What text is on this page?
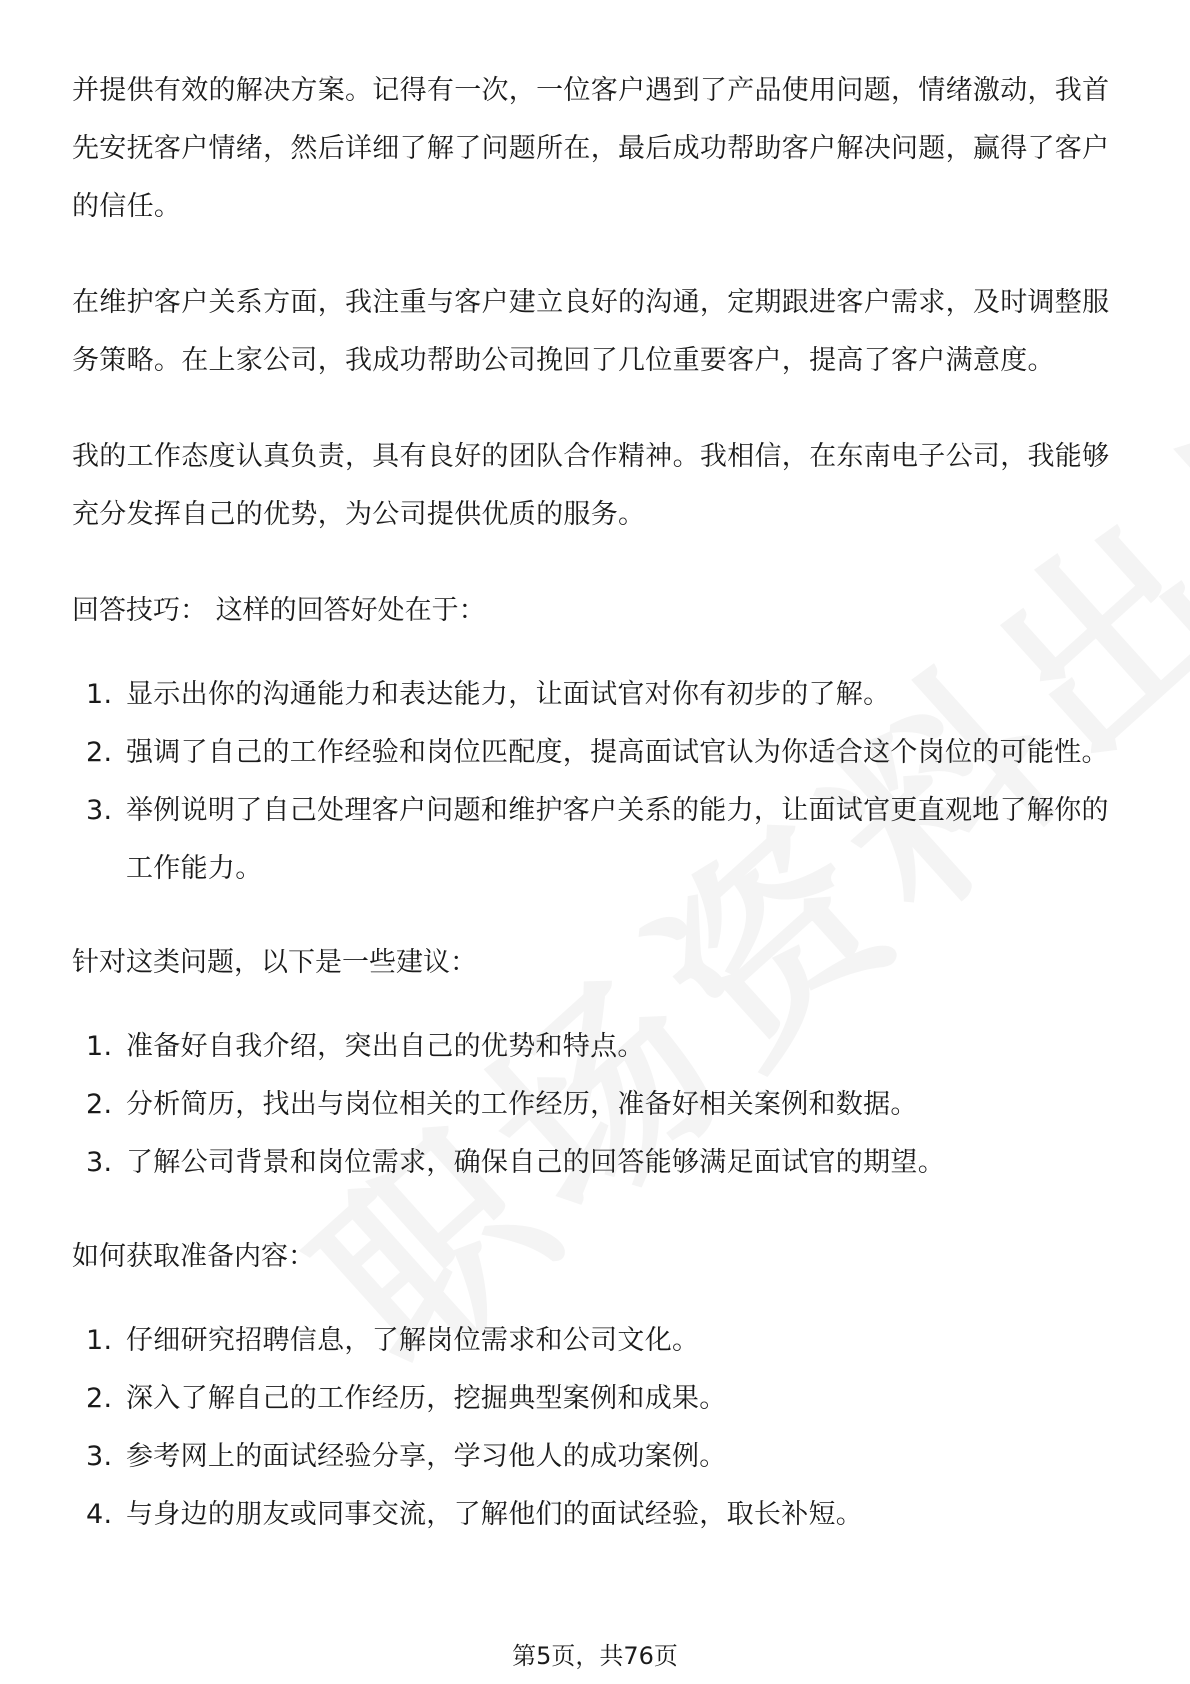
并提供有效的解决方案。记得有一次，一位客户遇到了产品使用问题，情绪激动，我首先安抚客户情绪，然后详细了解了问题所在，最后成功帮助客户解决问题，赢得了客户的信任。

在维护客户关系方面，我注重与客户建立良好的沟通，定期跟进客户需求，及时调整服务策略。在上家公司，我成功帮助公司挽回了几位重要客户，提高了客户满意度。

我的工作态度认真负责，具有良好的团队合作精神。我相信，在东南电子公司，我能够充分发挥自己的优势，为公司提供优质的服务。

回答技巧： 这样的回答好处在于：

1. 显示出你的沟通能力和表达能力，让面试官对你有初步的了解。
2. 强调了自己的工作经验和岗位匹配度，提高面试官认为你适合这个岗位的可能性。
3. 举例说明了自己处理客户问题和维护客户关系的能力，让面试官更直观地了解你的工作能力。

针对这类问题，以下是一些建议：

1. 准备好自我介绍，突出自己的优势和特点。
2. 分析简历，找出与岗位相关的工作经历，准备好相关案例和数据。
3. 了解公司背景和岗位需求，确保自己的回答能够满足面试官的期望。

如何获取准备内容：

1. 仔细研究招聘信息，了解岗位需求和公司文化。
2. 深入了解自己的工作经历，挖掘典型案例和成果。
3. 参考网上的面试经验分享，学习他人的成功案例。
4. 与身边的朋友或同事交流，了解他们的面试经验，取长补短。
第5页，共76页
